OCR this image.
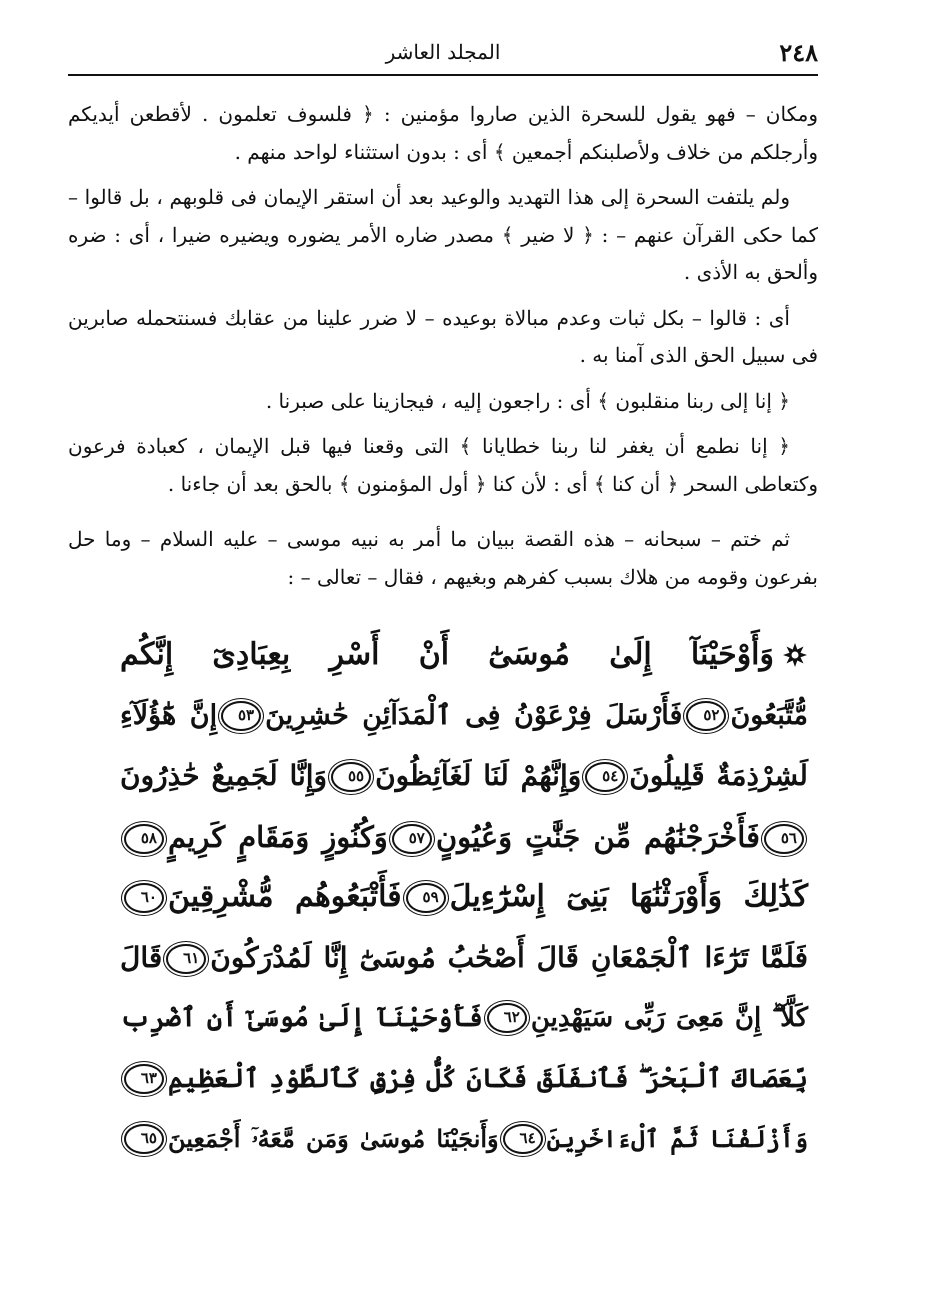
٢٤٨
المجلد العاشر

ومكان – فهو يقول للسحرة الذين صاروا مؤمنين : ﴿ فلسوف تعلمون . لأقطعن أيديكم وأرجلكم من خلاف ولأصلبنكم أجمعين ﴾ أى : بدون استثناء لواحد منهم .

ولم يلتفت السحرة إلى هذا التهديد والوعيد بعد أن استقر الإيمان فى قلوبهم ، بل قالوا – كما حكى القرآن عنهم – : ﴿ لا ضير ﴾ مصدر ضاره الأمر يضوره ويضيره ضيرا ، أى : ضره وألحق به الأذى .

أى : قالوا – بكل ثبات وعدم مبالاة بوعيده – لا ضرر علينا من عقابك فسنتحمله صابرين فى سبيل الحق الذى آمنا به .

﴿ إنا إلى ربنا منقلبون ﴾ أى : راجعون إليه ، فيجازينا على صبرنا .

﴿ إنا نطمع أن يغفر لنا ربنا خطايانا ﴾ التى وقعنا فيها قبل الإيمان ، كعبادة فرعون وكتعاطى السحر ﴿ أن كنا ﴾ أى : لأن كنا ﴿ أول المؤمنون ﴾ بالحق بعد أن جاءنا .

ثم ختم – سبحانه – هذه القصة ببيان ما أمر به نبيه موسى – عليه السلام – وما حل بفرعون وقومه من هلاك بسبب كفرهم وبغيهم ، فقال – تعالى – :

وَأَوْحَيْنَآ إِلَىٰ مُوسَىٰٓ أَنْ أَسْرِ بِعِبَادِىٓ إِنَّكُم
مُّتَّبَعُونَ٥٢فَأَرْسَلَ فِرْعَوْنُ فِى ٱلْمَدَآئِنِ حَٰشِرِينَ٥٣إِنَّ هَٰٓؤُلَآءِ
لَشِرْذِمَةٌ قَلِيلُونَ٥٤وَإِنَّهُمْ لَنَا لَغَآئِظُونَ٥٥وَإِنَّا لَجَمِيعٌ حَٰذِرُونَ
٥٦فَأَخْرَجْنَٰهُم مِّن جَنَّٰتٍ وَعُيُونٍ٥٧وَكُنُوزٍ وَمَقَامٍ كَرِيمٍ٥٨
كَذَٰلِكَ وَأَوْرَثْنَٰهَا بَنِىٓ إِسْرَٰٓءِيلَ٥٩فَأَتْبَعُوهُم مُّشْرِقِينَ٦٠
فَلَمَّا تَرَٰٓءَا ٱلْجَمْعَانِ قَالَ أَصْحَٰبُ مُوسَىٰٓ إِنَّا لَمُدْرَكُونَ٦١قَالَ
كَلَّآ ۖ إِنَّ مَعِىَ رَبِّى سَيَهْدِينِ٦٢فَأَوْحَيْنَآ إِلَىٰ مُوسَىٰٓ أَنِ ٱضْرِب
بِّعَصَاكَ ٱلْبَحْرَ ۖ فَٱنفَلَقَ فَكَانَ كُلُّ فِرْقٍ كَٱلطَّوْدِ ٱلْعَظِيمِ٦٣
وَأَزْلَفْنَا ثَمَّ ٱلْءَاخَرِينَ٦٤وَأَنجَيْنَا مُوسَىٰ وَمَن مَّعَهُۥٓ أَجْمَعِينَ٦٥
